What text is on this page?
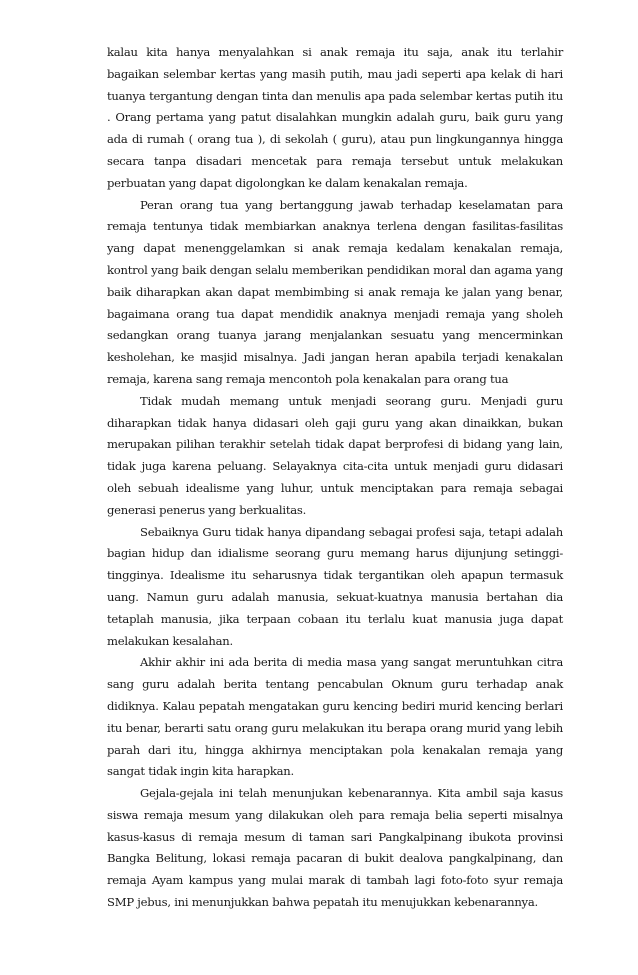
kalau kita hanya menyalahkan si anak remaja itu saja, anak itu terlahir bagaikan selembar kertas yang masih putih, mau jadi seperti apa kelak di hari tuanya tergantung dengan tinta dan menulis apa pada selembar kertas putih itu . Orang pertama yang patut disalahkan mungkin adalah guru, baik guru yang ada di rumah ( orang tua ), di sekolah ( guru), atau pun lingkungannya hingga secara tanpa disadari mencetak para remaja tersebut untuk melakukan perbuatan yang dapat digolongkan ke dalam kenakalan remaja.

Peran orang tua yang bertanggung jawab terhadap keselamatan para remaja tentunya tidak membiarkan anaknya terlena dengan fasilitas-fasilitas yang dapat menenggelamkan si anak remaja kedalam kenakalan remaja, kontrol yang baik dengan selalu memberikan pendidikan moral dan agama yang baik diharapkan akan dapat membimbing si anak remaja ke jalan yang benar, bagaimana orang tua dapat mendidik anaknya menjadi remaja yang sholeh sedangkan orang tuanya jarang menjalankan sesuatu yang mencerminkan kesholehan, ke masjid misalnya. Jadi jangan heran apabila terjadi kenakalan remaja, karena sang remaja mencontoh pola kenakalan para orang tua

Tidak mudah memang untuk menjadi seorang guru. Menjadi guru diharapkan tidak hanya didasari oleh gaji guru yang akan dinaikkan, bukan merupakan pilihan terakhir setelah tidak dapat berprofesi di bidang yang lain, tidak juga karena peluang. Selayaknya cita-cita untuk menjadi guru didasari oleh sebuah idealisme yang luhur, untuk menciptakan para remaja sebagai generasi penerus yang berkualitas.

Sebaiknya Guru tidak hanya dipandang sebagai profesi saja, tetapi adalah bagian hidup dan idialisme seorang guru memang harus dijunjung setinggi-tingginya. Idealisme itu seharusnya tidak tergantikan oleh apapun termasuk uang. Namun guru adalah manusia, sekuat-kuatnya manusia bertahan dia tetaplah manusia, jika terpaan cobaan itu terlalu kuat manusia juga dapat melakukan kesalahan.

Akhir akhir ini ada berita di media masa yang sangat meruntuhkan citra sang guru adalah berita tentang pencabulan Oknum guru terhadap anak didiknya. Kalau pepatah mengatakan guru kencing bediri murid kencing berlari itu benar, berarti satu orang guru melakukan itu berapa orang murid yang lebih parah dari itu, hingga akhirnya menciptakan pola kenakalan remaja yang sangat tidak ingin kita harapkan.

Gejala-gejala ini telah menunjukan kebenarannya. Kita ambil saja kasus siswa remaja mesum yang dilakukan oleh para remaja belia seperti misalnya kasus-kasus di remaja mesum di taman sari Pangkalpinang ibukota provinsi Bangka Belitung, lokasi remaja pacaran di bukit dealova pangkalpinang, dan remaja Ayam kampus yang mulai marak di tambah lagi foto-foto syur remaja SMP jebus, ini menunjukkan bahwa pepatah itu menujukkan kebenarannya.
